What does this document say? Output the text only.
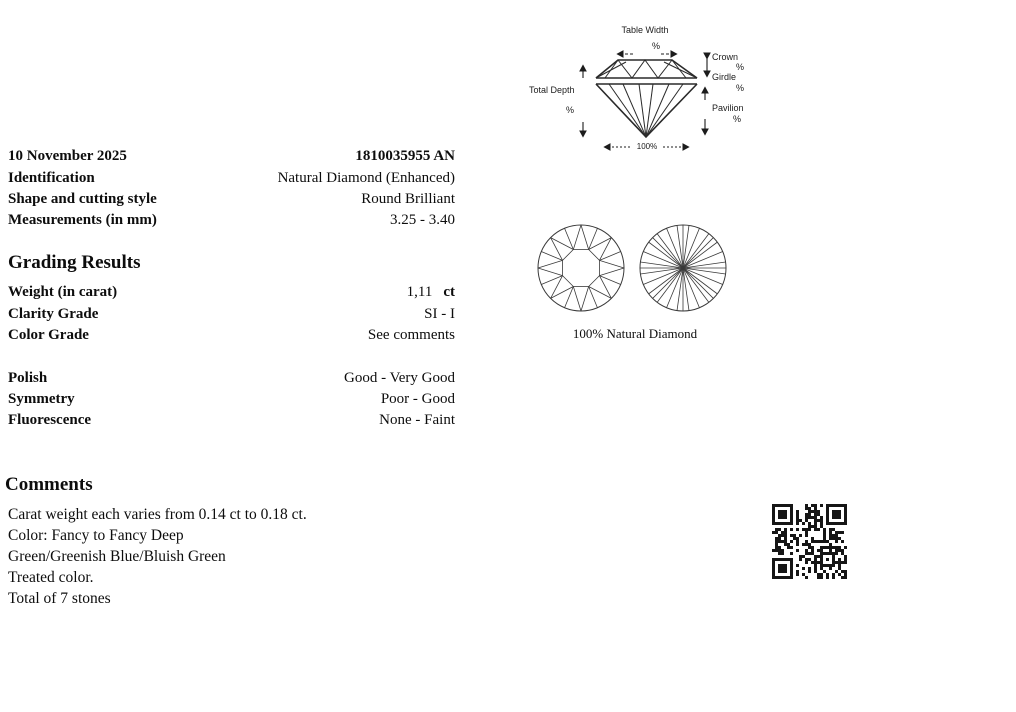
Table Width
%
Crown
%
Girdle
%
Pavilion
%
Total Depth
%
100%
10 November 2025	1810035955 AN
Identification	Natural Diamond (Enhanced)
Shape and cutting style	Round Brilliant
Measurements (in mm)	3.25 - 3.40
Grading Results
Weight (in carat)	1,11 ct
Clarity Grade	SI - I
Color Grade	See comments
Polish	Good - Very Good
Symmetry	Poor - Good
Fluorescence	None - Faint
Comments
Carat weight each varies from 0.14 ct to 0.18 ct.
Color: Fancy to Fancy Deep
Green/Greenish Blue/Bluish Green
Treated color.
Total of 7 stones
100% Natural Diamond
